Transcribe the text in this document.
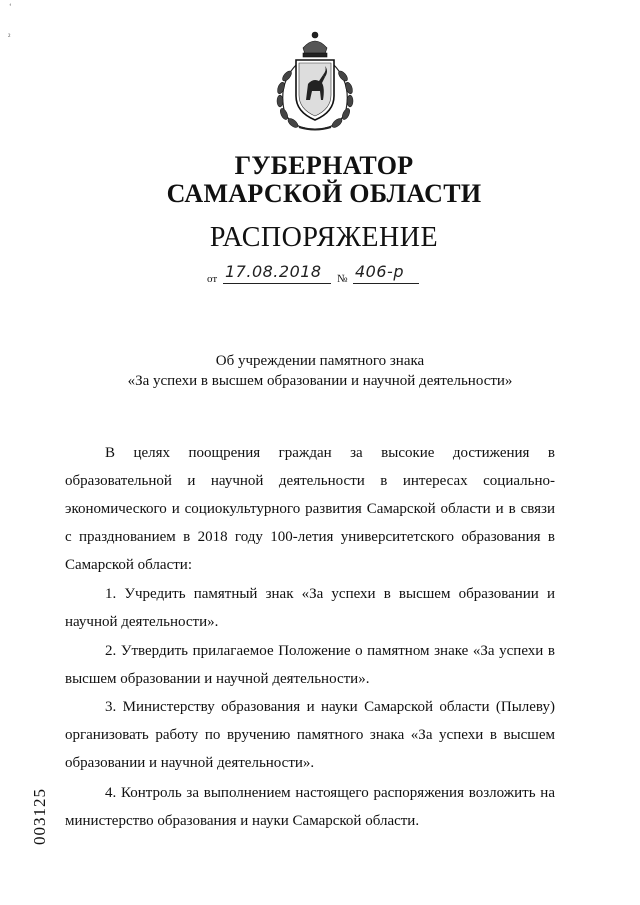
ГУБЕРНАТОР
САМАРСКОЙ ОБЛАСТИ
РАСПОРЯЖЕНИЕ
от 17.08.2018	№ 406-р
Об учреждении памятного знака
«За успехи в высшем образовании и научной деятельности»
В целях поощрения граждан за высокие достижения в
образовательной и научной деятельности в интересах социально-
экономического и социокультурного развития Самарской области и в связи
с празднованием в 2018 году 100-летия университетского образования в
Самарской области:
1. Учредить памятный знак «За успехи в высшем образовании и
научной деятельности».
2. Утвердить прилагаемое Положение о памятном знаке «За успехи в
высшем образовании и научной деятельности».
3. Министерству образования и науки Самарской области (Пылеву)
организовать работу по вручению памятного знака «За успехи в высшем
образовании и научной деятельности».
4. Контроль за выполнением настоящего распоряжения возложить на
министерство образования и науки Самарской области.
003125
ʻ
²
